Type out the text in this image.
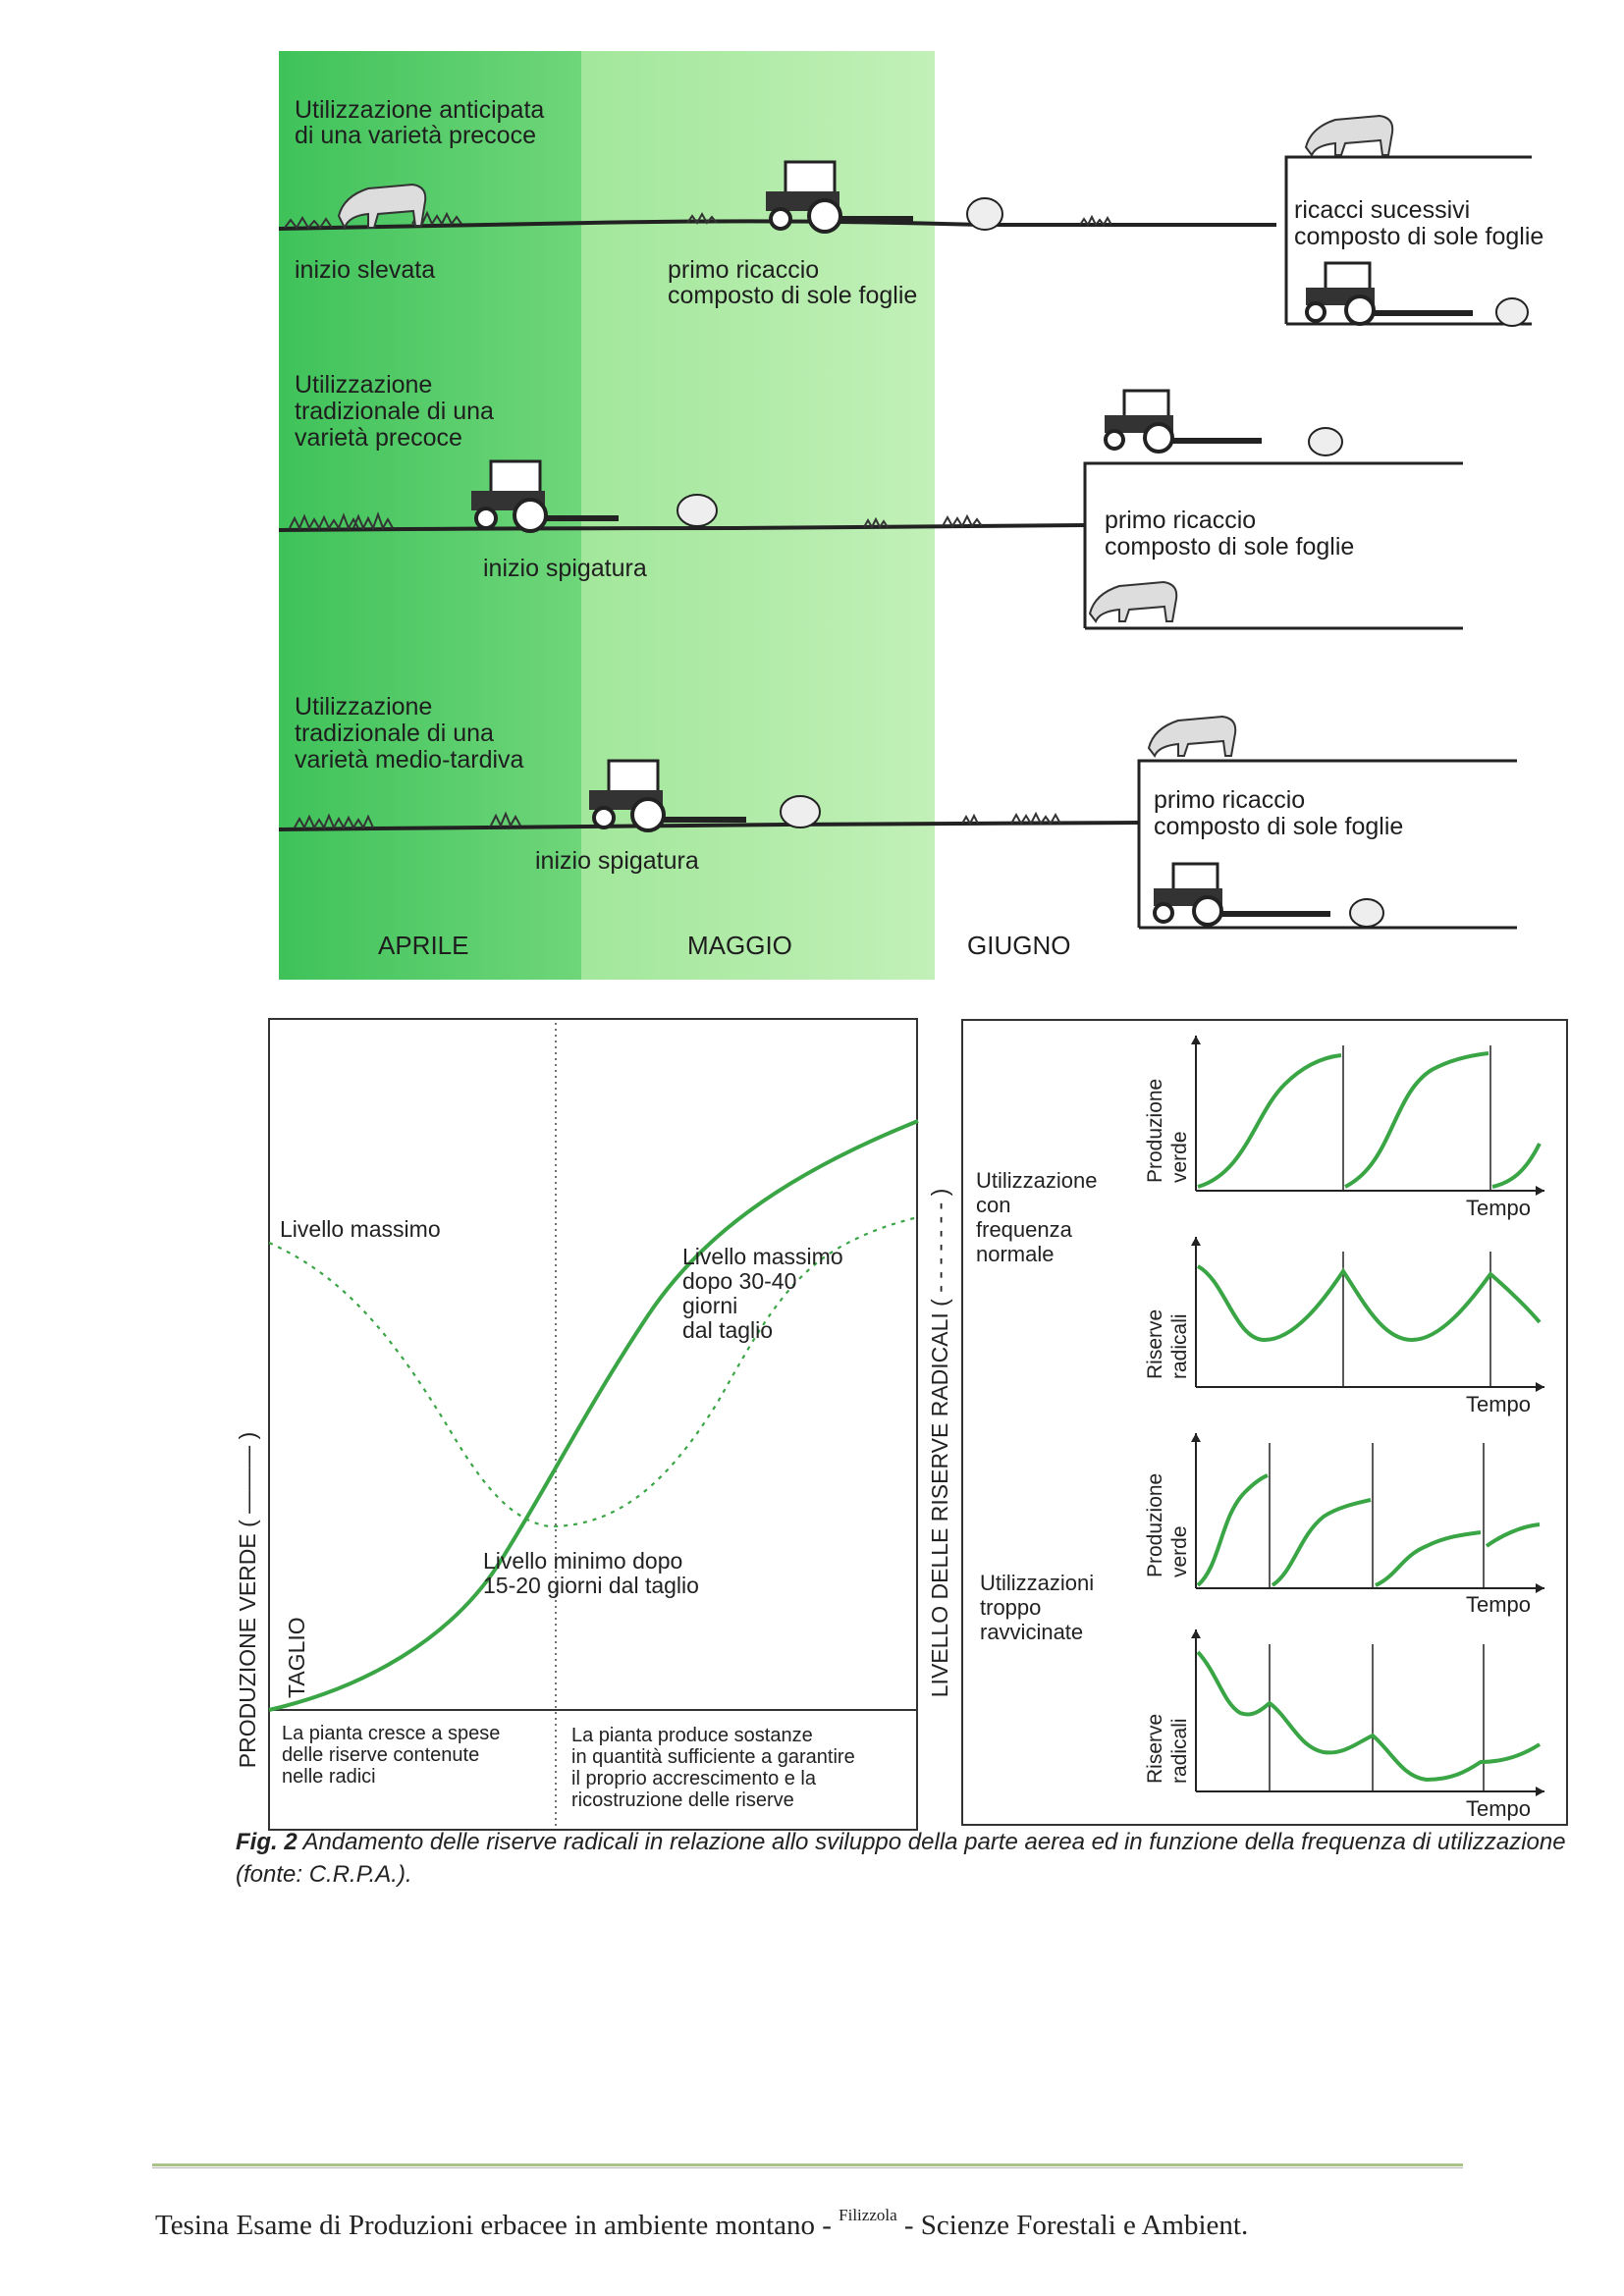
Utilizzazione anticipata
di una varietà precoce
inizio slevata	primo ricaccio
composto di sole foglie
ricacci sucessivi
composto di sole foglie
Utilizzazione
tradizionale di una
varietà precoce
inizio spigatura
primo ricaccio
composto di sole foglie
Utilizzazione
tradizionale di una
varietà medio-tardiva
inizio spigatura
primo ricaccio
composto di sole foglie
APRILE	MAGGIO	GIUGNO
PRODUZIONE VERDE ( ——— )	LIVELLO DELLE RISERVE RADICALI ( - - - - - - - )
TAGLIO
Livello massimo
Livello massimo
dopo 30-40
giorni
dal taglio
Livello minimo dopo
15-20 giorni dal taglio
La pianta cresce a spese
delle riserve contenute
nelle radici
La pianta produce sostanze
in quantità sufficiente a garantire
il proprio accrescimento e la
ricostruzione delle riserve
Utilizzazione
con
frequenza
normale
Utilizzazioni
troppo
ravvicinate
Produzione verde
Tempo
Riserve radicali
Tempo
Produzione verde
Tempo
Riserve radicali
Tempo
Fig. 2 Andamento delle riserve radicali in relazione allo sviluppo della parte aerea ed in funzione della frequenza di utilizzazione (fonte: C.R.P.A.).
Tesina Esame di Produzioni erbacee in ambiente montano - $^{Filizzola}$ - Scienze Forestali e Ambient.
